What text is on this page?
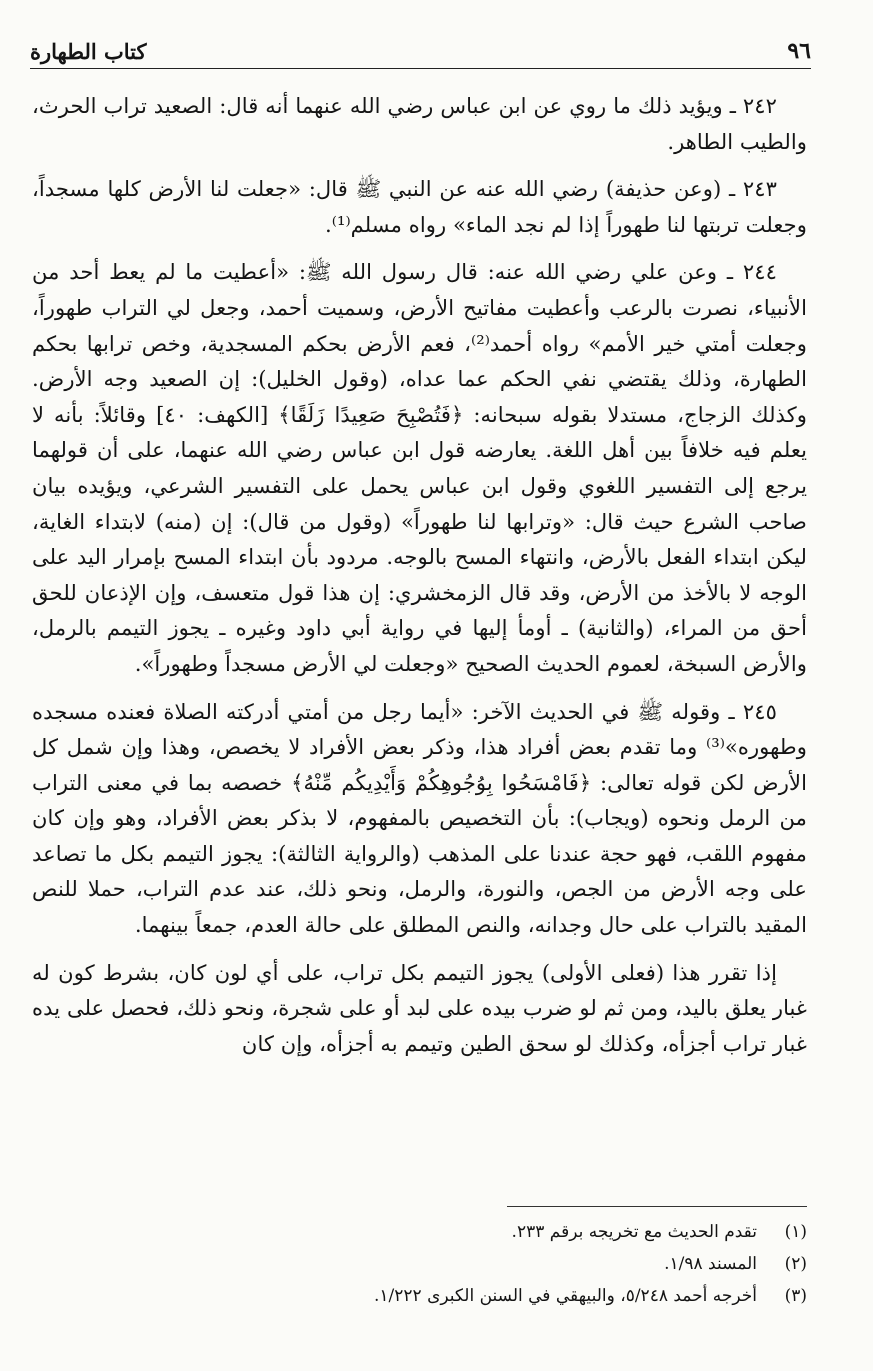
٩٦
كتاب الطهارة

٢٤٢ ـ ويؤيد ذلك ما روي عن ابن عباس رضي الله عنهما أنه قال: الصعيد تراب الحرث، والطيب الطاهر.

٢٤٣ ـ (وعن حذيفة) رضي الله عنه عن النبي ﷺ قال: «جعلت لنا الأرض كلها مسجداً، وجعلت تربتها لنا طهوراً إذا لم نجد الماء» رواه مسلم⁽¹⁾.

٢٤٤ ـ وعن علي رضي الله عنه: قال رسول الله ﷺ: «أعطيت ما لم يعط أحد من الأنبياء، نصرت بالرعب وأعطيت مفاتيح الأرض، وسميت أحمد، وجعل لي التراب طهوراً، وجعلت أمتي خير الأمم» رواه أحمد⁽²⁾، فعم الأرض بحكم المسجدية، وخص ترابها بحكم الطهارة، وذلك يقتضي نفي الحكم عما عداه، (وقول الخليل): إن الصعيد وجه الأرض. وكذلك الزجاج، مستدلا بقوله سبحانه: ﴿فَتُصْبِحَ صَعِيدًا زَلَقًا﴾ [الكهف: ٤٠] وقائلاً: بأنه لا يعلم فيه خلافاً بين أهل اللغة. يعارضه قول ابن عباس رضي الله عنهما، على أن قولهما يرجع إلى التفسير اللغوي وقول ابن عباس يحمل على التفسير الشرعي، ويؤيده بيان صاحب الشرع حيث قال: «وترابها لنا طهوراً» (وقول من قال): إن (منه) لابتداء الغاية، ليكن ابتداء الفعل بالأرض، وانتهاء المسح بالوجه. مردود بأن ابتداء المسح بإمرار اليد على الوجه لا بالأخذ من الأرض، وقد قال الزمخشري: إن هذا قول متعسف، وإن الإذعان للحق أحق من المراء، (والثانية) ـ أومأ إليها في رواية أبي داود وغيره ـ يجوز التيمم بالرمل، والأرض السبخة، لعموم الحديث الصحيح «وجعلت لي الأرض مسجداً وطهوراً».

٢٤٥ ـ وقوله ﷺ في الحديث الآخر: «أيما رجل من أمتي أدركته الصلاة فعنده مسجده وطهوره»⁽³⁾ وما تقدم بعض أفراد هذا، وذكر بعض الأفراد لا يخصص، وهذا وإن شمل كل الأرض لكن قوله تعالى: ﴿فَامْسَحُوا بِوُجُوهِكُمْ وَأَيْدِيكُم مِّنْهُ﴾ خصصه بما في معنى التراب من الرمل ونحوه (ويجاب): بأن التخصيص بالمفهوم، لا بذكر بعض الأفراد، وهو وإن كان مفهوم اللقب، فهو حجة عندنا على المذهب (والرواية الثالثة): يجوز التيمم بكل ما تصاعد على وجه الأرض من الجص، والنورة، والرمل، ونحو ذلك، عند عدم التراب، حملا للنص المقيد بالتراب على حال وجدانه، والنص المطلق على حالة العدم، جمعاً بينهما.

إذا تقرر هذا (فعلى الأولى) يجوز التيمم بكل تراب، على أي لون كان، بشرط كون له غبار يعلق باليد، ومن ثم لو ضرب بيده على لبد أو على شجرة، ونحو ذلك، فحصل على يده غبار تراب أجزأه، وكذلك لو سحق الطين وتيمم به أجزأه، وإن كان

(١)
تقدم الحديث مع تخريجه برقم ٢٣٣.
(٢)
المسند ١/٩٨.
(٣)
أخرجه أحمد ٥/٢٤٨، والبيهقي في السنن الكبرى ١/٢٢٢.
